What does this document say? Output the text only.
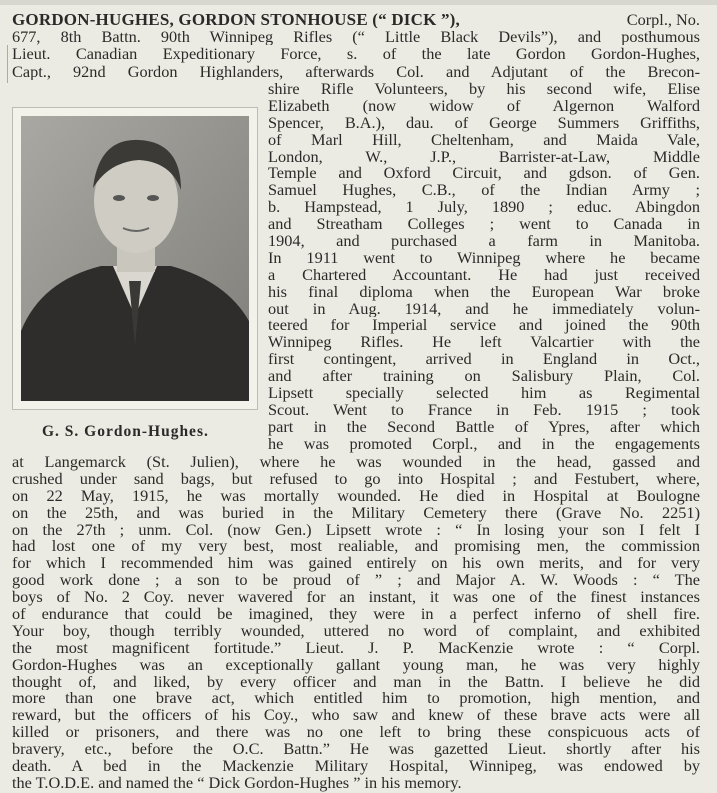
GORDON-HUGHES, GORDON STONHOUSE (“ DICK ”),	Corpl., No.
677, 8th Battn. 90th Winnipeg Rifles (“ Little Black Devils”), and posthumous
Lieut. Canadian Expeditionary Force, s. of the late Gordon Gordon-Hughes,
Capt., 92nd Gordon Highlanders, afterwards Col. and Adjutant of the Brecon-
shire Rifle Volunteers, by his second wife, Elise
Elizabeth (now widow of Algernon Walford
Spencer, B.A.), dau. of George Summers Griffiths,
of Marl Hill, Cheltenham, and Maida Vale,
London, W., J.P., Barrister-at-Law, Middle
Temple and Oxford Circuit, and gdson. of Gen.
Samuel Hughes, C.B., of the Indian Army ;
b. Hampstead, 1 July, 1890 ; educ. Abingdon
and Streatham Colleges ; went to Canada in
1904, and purchased a farm in Manitoba.
In 1911 went to Winnipeg where he became
a Chartered Accountant. He had just received
his final diploma when the European War broke
out in Aug. 1914, and he immediately volun-
teered for Imperial service and joined the 90th
Winnipeg Rifles. He left Valcartier with the
first contingent, arrived in England in Oct.,
and after training on Salisbury Plain, Col.
Lipsett specially selected him as Regimental
Scout. Went to France in Feb. 1915 ; took
part in the Second Battle of Ypres, after which
he was promoted Corpl., and in the engagements
G. S. Gordon-Hughes.
at Langemarck (St. Julien), where he was wounded in the head, gassed and
crushed under sand bags, but refused to go into Hospital ; and Festubert, where,
on 22 May, 1915, he was mortally wounded. He died in Hospital at Boulogne
on the 25th, and was buried in the Military Cemetery there (Grave No. 2251)
on the 27th ; unm. Col. (now Gen.) Lipsett wrote : “ In losing your son I felt I
had lost one of my very best, most realiable, and promising men, the commission
for which I recommended him was gained entirely on his own merits, and for very
good work done ; a son to be proud of ” ; and Major A. W. Woods : “ The
boys of No. 2 Coy. never wavered for an instant, it was one of the finest instances
of endurance that could be imagined, they were in a perfect inferno of shell fire.
Your boy, though terribly wounded, uttered no word of complaint, and exhibited
the most magnificent fortitude.” Lieut. J. P. MacKenzie wrote : “ Corpl.
Gordon-Hughes was an exceptionally gallant young man, he was very highly
thought of, and liked, by every officer and man in the Battn. I believe he did
more than one brave act, which entitled him to promotion, high mention, and
reward, but the officers of his Coy., who saw and knew of these brave acts were all
killed or prisoners, and there was no one left to bring these conspicuous acts of
bravery, etc., before the O.C. Battn.” He was gazetted Lieut. shortly after his
death. A bed in the Mackenzie Military Hospital, Winnipeg, was endowed by
the T.O.D.E. and named the “ Dick Gordon-Hughes ” in his memory.
